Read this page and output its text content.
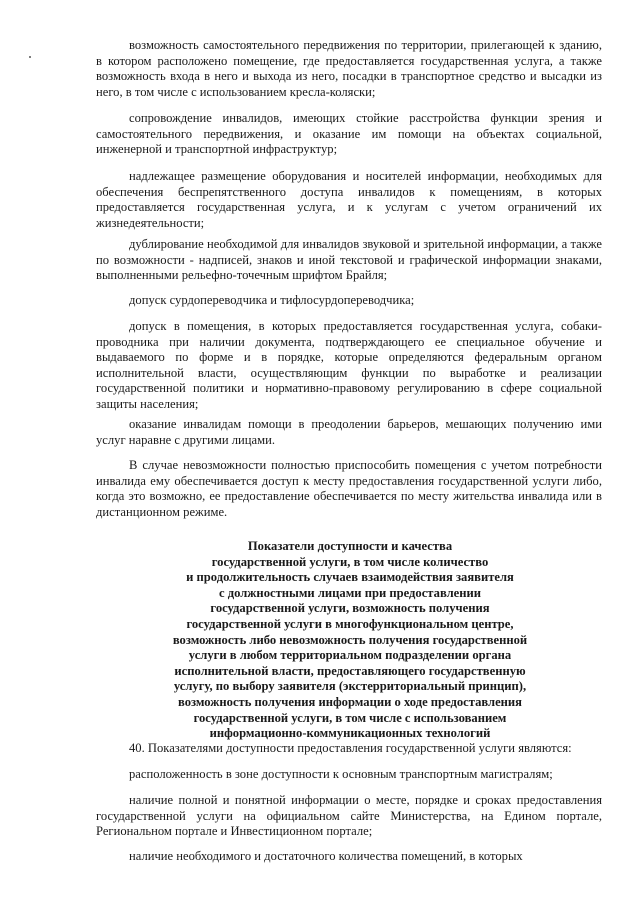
возможность самостоятельного передвижения по территории, прилегающей к зданию, в котором расположено помещение, где предоставляется государственная услуга, а также возможность входа в него и выхода из него, посадки в транспортное средство и высадки из него, в том числе с использованием кресла-коляски;

сопровождение инвалидов, имеющих стойкие расстройства функции зрения и самостоятельного передвижения, и оказание им помощи на объектах социальной, инженерной и транспортной инфраструктур;

надлежащее размещение оборудования и носителей информации, необходимых для обеспечения беспрепятственного доступа инвалидов к помещениям, в которых предоставляется государственная услуга, и к услугам с учетом ограничений их жизнедеятельности;

дублирование необходимой для инвалидов звуковой и зрительной информации, а также по возможности - надписей, знаков и иной текстовой и графической информации знаками, выполненными рельефно-точечным шрифтом Брайля;

допуск сурдопереводчика и тифлосурдопереводчика;

допуск в помещения, в которых предоставляется государственная услуга, собаки-проводника при наличии документа, подтверждающего ее специальное обучение и выдаваемого по форме и в порядке, которые определяются федеральным органом исполнительной власти, осуществляющим функции по выработке и реализации государственной политики и нормативно-правовому регулированию в сфере социальной защиты населения;

оказание инвалидам помощи в преодолении барьеров, мешающих получению ими услуг наравне с другими лицами.

В случае невозможности полностью приспособить помещения с учетом потребности инвалида ему обеспечивается доступ к месту предоставления государственной услуги либо, когда это возможно, ее предоставление обеспечивается по месту жительства инвалида или в дистанционном режиме.

Показатели доступности и качества
государственной услуги, в том числе количество
и продолжительность случаев взаимодействия заявителя
с должностными лицами при предоставлении
государственной услуги, возможность получения
государственной услуги в многофункциональном центре,
возможность либо невозможность получения государственной
услуги в любом территориальном подразделении органа
исполнительной власти, предоставляющего государственную
услугу, по выбору заявителя (экстерриториальный принцип),
возможность получения информации о ходе предоставления
государственной услуги, в том числе с использованием
информационно-коммуникационных технологий

40. Показателями доступности предоставления государственной услуги являются:

расположенность в зоне доступности к основным транспортным магистралям;

наличие полной и понятной информации о месте, порядке и сроках предоставления государственной услуги на официальном сайте Министерства, на Едином портале, Региональном портале и Инвестиционном портале;

наличие необходимого и достаточного количества помещений, в которых
